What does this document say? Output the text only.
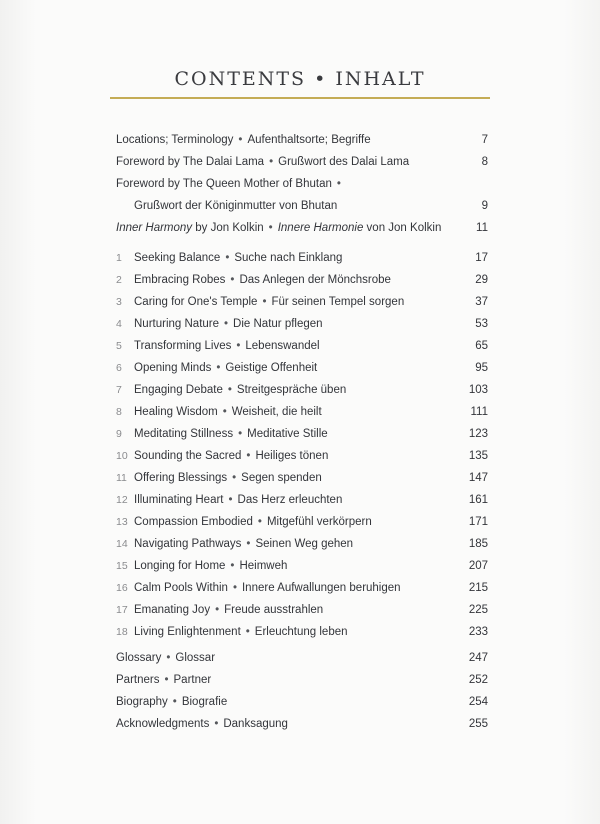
CONTENTS • INHALT
Locations; Terminology • Aufenthaltsorte; Begriffe	7
Foreword by The Dalai Lama • Grußwort des Dalai Lama	8
Foreword by The Queen Mother of Bhutan •
Grußwort der Königinmutter von Bhutan	9
Inner Harmony by Jon Kolkin • Innere Harmonie von Jon Kolkin	11
1 Seeking Balance • Suche nach Einklang	17
2 Embracing Robes • Das Anlegen der Mönchsrobe	29
3 Caring for One's Temple • Für seinen Tempel sorgen	37
4 Nurturing Nature • Die Natur pflegen	53
5 Transforming Lives • Lebenswandel	65
6 Opening Minds • Geistige Offenheit	95
7 Engaging Debate • Streitgespräche üben	103
8 Healing Wisdom • Weisheit, die heilt	111
9 Meditating Stillness • Meditative Stille	123
10 Sounding the Sacred • Heiliges tönen	135
11 Offering Blessings • Segen spenden	147
12 Illuminating Heart • Das Herz erleuchten	161
13 Compassion Embodied • Mitgefühl verkörpern	171
14 Navigating Pathways • Seinen Weg gehen	185
15 Longing for Home • Heimweh	207
16 Calm Pools Within • Innere Aufwallungen beruhigen	215
17 Emanating Joy • Freude ausstrahlen	225
18 Living Enlightenment • Erleuchtung leben	233
Glossary • Glossar	247
Partners • Partner	252
Biography • Biografie	254
Acknowledgments • Danksagung	255
